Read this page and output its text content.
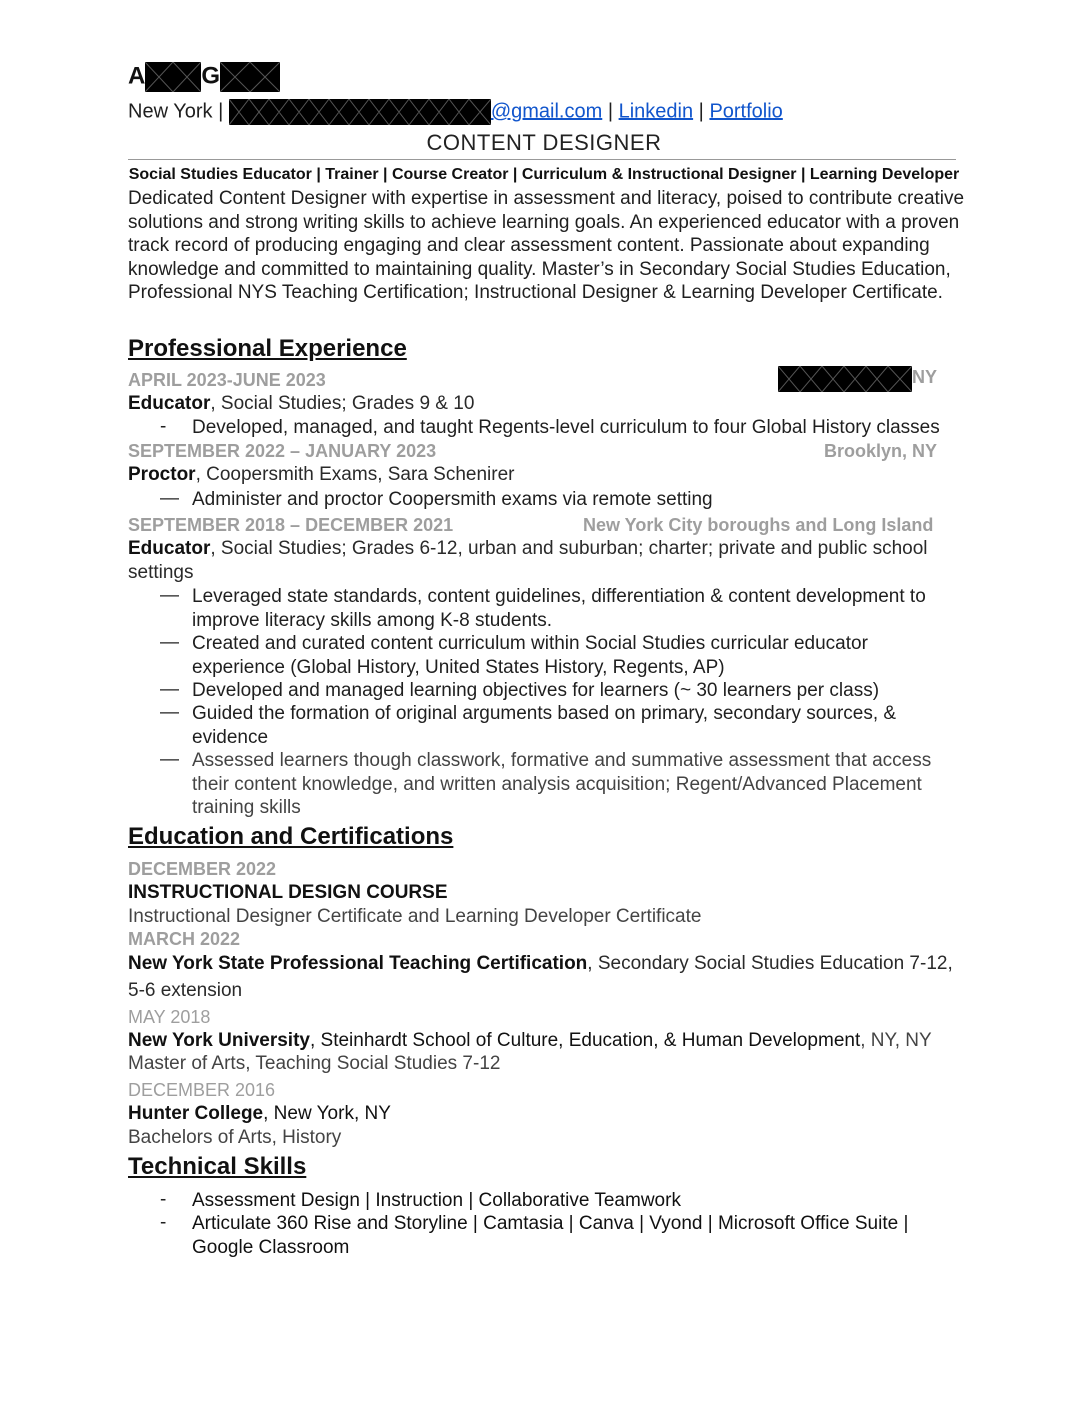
A G
New York |	@gmail.com | Linkedin | Portfolio
CONTENT DESIGNER
Social Studies Educator | Trainer | Course Creator | Curriculum & Instructional Designer | Learning Developer
Dedicated Content Designer with expertise in assessment and literacy, poised to contribute creative solutions and strong writing skills to achieve learning goals. An experienced educator with a proven track record of producing engaging and clear assessment content. Passionate about expanding knowledge and committed to maintaining quality. Master’s in Secondary Social Studies Education, Professional NYS Teaching Certification; Instructional Designer & Learning Developer Certificate.
Professional Experience
APRIL 2023-JUNE 2023	NY
Educator, Social Studies; Grades 9 & 10
- Developed, managed, and taught Regents-level curriculum to four Global History classes
SEPTEMBER 2022 – JANUARY 2023	Brooklyn, NY
Proctor, Coopersmith Exams, Sara Schenirer
— Administer and proctor Coopersmith exams via remote setting
SEPTEMBER 2018 – DECEMBER 2021	New York City boroughs and Long Island
Educator, Social Studies; Grades 6-12, urban and suburban; charter; private and public school
settings
— Leveraged state standards, content guidelines, differentiation & content development to improve literacy skills among K-8 students.
— Created and curated content curriculum within Social Studies curricular educator experience (Global History, United States History, Regents, AP)
— Developed and managed learning objectives for learners (~ 30 learners per class)
— Guided the formation of original arguments based on primary, secondary sources, & evidence
— Assessed learners though classwork, formative and summative assessment that access their content knowledge, and written analysis acquisition; Regent/Advanced Placement training skills
Education and Certifications
DECEMBER 2022
INSTRUCTIONAL DESIGN COURSE
Instructional Designer Certificate and Learning Developer Certificate
MARCH 2022
New York State Professional Teaching Certification, Secondary Social Studies Education 7-12,
5-6 extension
MAY 2018
New York University, Steinhardt School of Culture, Education, & Human Development, NY, NY
Master of Arts, Teaching Social Studies 7-12
DECEMBER 2016
Hunter College, New York, NY
Bachelors of Arts, History
Technical Skills
- Assessment Design | Instruction | Collaborative Teamwork
- Articulate 360 Rise and Storyline | Camtasia | Canva | Vyond | Microsoft Office Suite | Google Classroom
